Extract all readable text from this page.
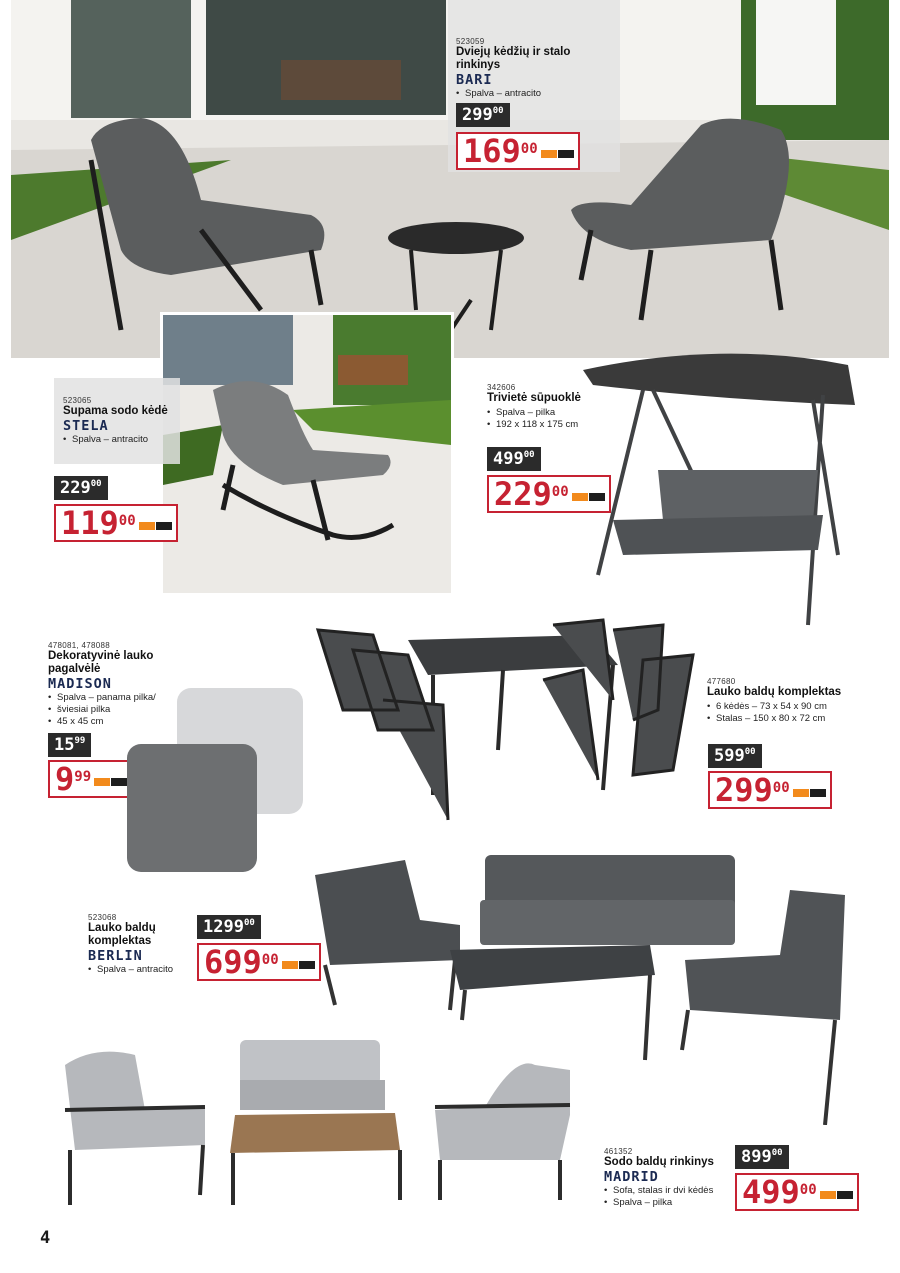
523059
Dviejų kėdžių ir stalo rinkinys
BARI
• Spalva – antracito
$299^{00}$
$169^{00}$
523065
Supama sodo kėdė
STELA
• Spalva – antracito
$229^{00}$
$119^{00}$
342606
Trivietė sūpuoklė
• Spalva – pilka
• 192 x 118 x 175 cm
$499^{00}$
$229^{00}$
478081, 478088
Dekoratyvinė lauko pagalvėlė
MADISON
• Spalva – panama pilka/
• šviesiai pilka
• 45 x 45 cm
$15^{99}$
$9^{99}$
477680
Lauko baldų komplektas
• 6 kėdės – 73 x 54 x 90 cm
• Stalas – 150 x 80 x 72 cm
$599^{00}$
$299^{00}$
523068
Lauko baldų
komplektas
BERLIN
• Spalva – antracito
1299$^{00}$
$699^{00}$
461352
Sodo baldų rinkinys
MADRID
• Sofa, stalas ir dvi kėdės
• Spalva – pilka
$899^{00}$
$499^{00}$
4
